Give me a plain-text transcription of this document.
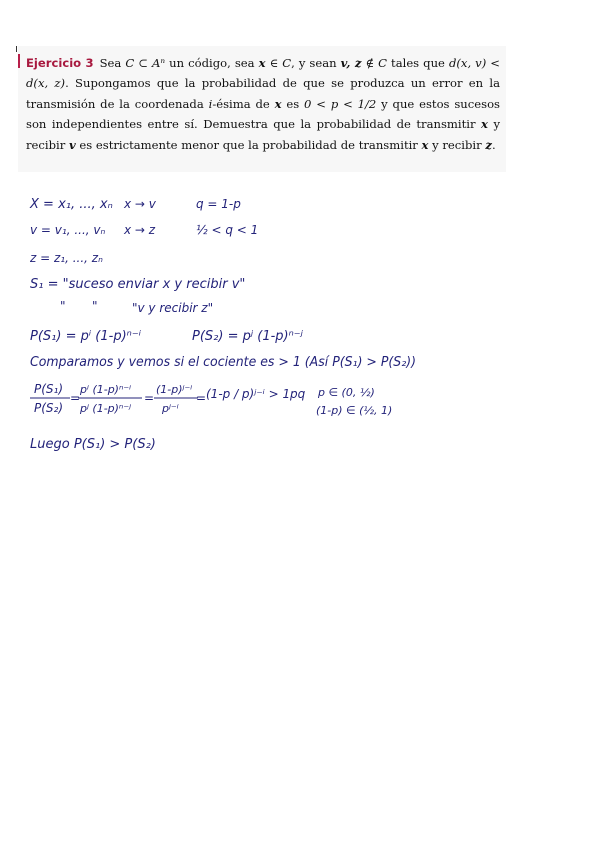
Ejercicio 3 Sea C ⊂ Aⁿ un código, sea x ∈ C, y sean v, z ∉ C tales que d(x, v) < d(x, z). Supongamos que la probabilidad de que se produzca un error en la transmisión de la coordenada i-ésima de x es 0 < p < 1/2 y que estos sucesos son independientes entre sí. Demuestra que la probabilidad de transmitir x y recibir v es estrictamente menor que la probabilidad de transmitir x y recibir z.
X = x₁, ..., xₙ x → v	q = 1-p
v = v₁, ..., vₙ x → z	½ < q < 1
z = z₁, ..., zₙ
S₁ = "suceso enviar x y recibir v"
" "	"v y recibir z"
P(S₁) = pⁱ (1-p)ⁿ⁻ⁱ	P(S₂) = pʲ (1-p)ⁿ⁻ʲ
Comparamos y vemos si el cociente es > 1 (Así P(S₁) > P(S₂))
P(S₁)
P(S₂)
=
pⁱ (1-p)ⁿ⁻ⁱ
pʲ (1-p)ⁿ⁻ʲ
=
(1-p)ʲ⁻ⁱ
pʲ⁻ⁱ
= (1-p / p)ʲ⁻ⁱ > 1 pq p ∈ (0, ½)
(1-p) ∈ (½, 1)
Luego P(S₁) > P(S₂)
